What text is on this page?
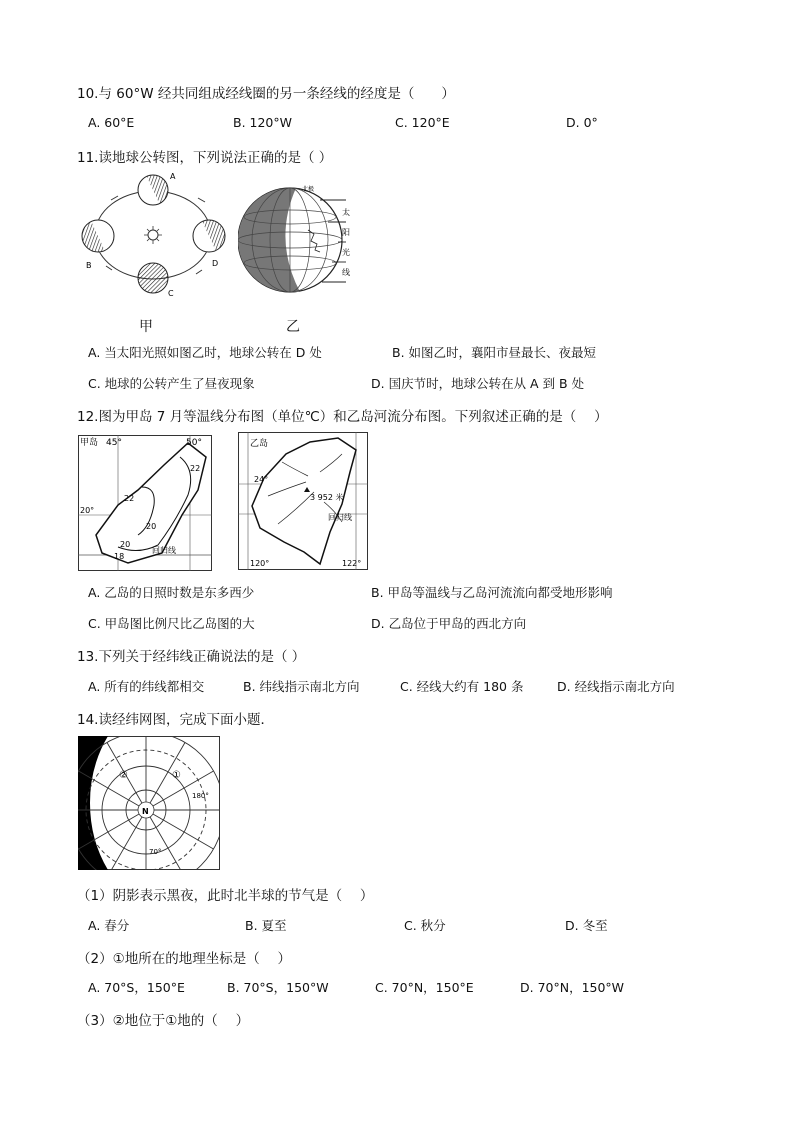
10.与 60°W 经共同组成经线圈的另一条经线的经度是（　　）
A. 60°E	B. 120°W	C. 120°E	D. 0°
11.读地球公转图，下列说法正确的是（ ）
A
B
C
D
北极
太
阳
光
线
甲	乙
A. 当太阳光照如图乙时，地球公转在 D 处	B. 如图乙时，襄阳市昼最长、夜最短
C. 地球的公转产生了昼夜现象	D. 国庆节时，地球公转在从 A 到 B 处
12.图为甲岛 7 月等温线分布图（单位℃）和乙岛河流分布图。下列叙述正确的是（　 ）
甲岛 45°	50°
22
22
20
20
18
20°
回归线
乙岛
24°
3 952 米
回归线
120°	122°
A. 乙岛的日照时数是东多西少	B. 甲岛等温线与乙岛河流流向都受地形影响
C. 甲岛图比例尺比乙岛图的大	D. 乙岛位于甲岛的西北方向
13.下列关于经纬线正确说法的是（ ）
A. 所有的纬线都相交	B. 纬线指示南北方向	C. 经线大约有 180 条	D. 经线指示南北方向
14.读经纬网图，完成下面小题．
②	①
N
180°
70°
（1）阴影表示黑夜，此时北半球的节气是（　 ）
A. 春分	B. 夏至	C. 秋分	D. 冬至
（2）①地所在的地理坐标是（　 ）
A. 70°S，150°E	B. 70°S，150°W	C. 70°N，150°E	D. 70°N，150°W
（3）②地位于①地的（　 ）
